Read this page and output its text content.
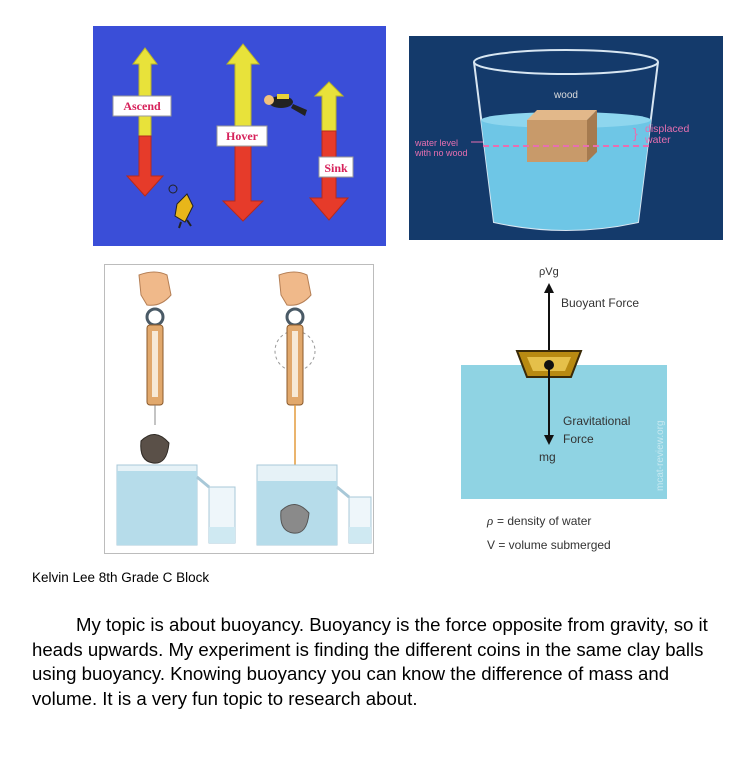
Ascend
Hover
Sink
wood
water level
with no wood
} displaced
water
ρVg
Buoyant Force
Gravitational
Force
mg	mcat-review.org
ρ = density of water
V = volume submerged

Kelvin Lee 8th Grade C Block

My topic is about buoyancy. Buoyancy is the force opposite from gravity, so it heads upwards. My experiment is finding the different coins in the same clay balls using buoyancy. Knowing buoyancy you can know the difference of mass and volume. It is a very fun topic to research about.
